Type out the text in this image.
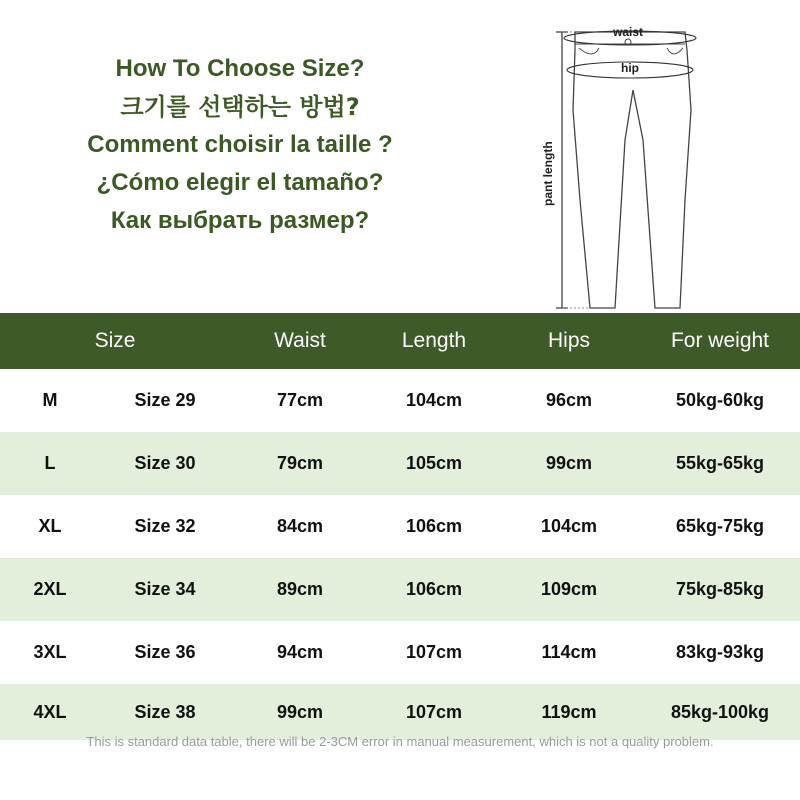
How To Choose Size?
크기를 선택하는 방법?
Comment choisir la taille ?
¿Cómo elegir el tamaño?
Как выбрать размер?
waist
hip
pant length
Size	Waist	Length	Hips	For weight
M	Size 29	77cm	104cm	96cm	50kg-60kg
L	Size 30	79cm	105cm	99cm	55kg-65kg
XL	Size 32	84cm	106cm	104cm	65kg-75kg
2XL	Size 34	89cm	106cm	109cm	75kg-85kg
3XL	Size 36	94cm	107cm	114cm	83kg-93kg
4XL	Size 38	99cm	107cm	119cm	85kg-100kg
This is standard data table, there will be 2-3CM error in manual measurement, which is not a quality problem.
